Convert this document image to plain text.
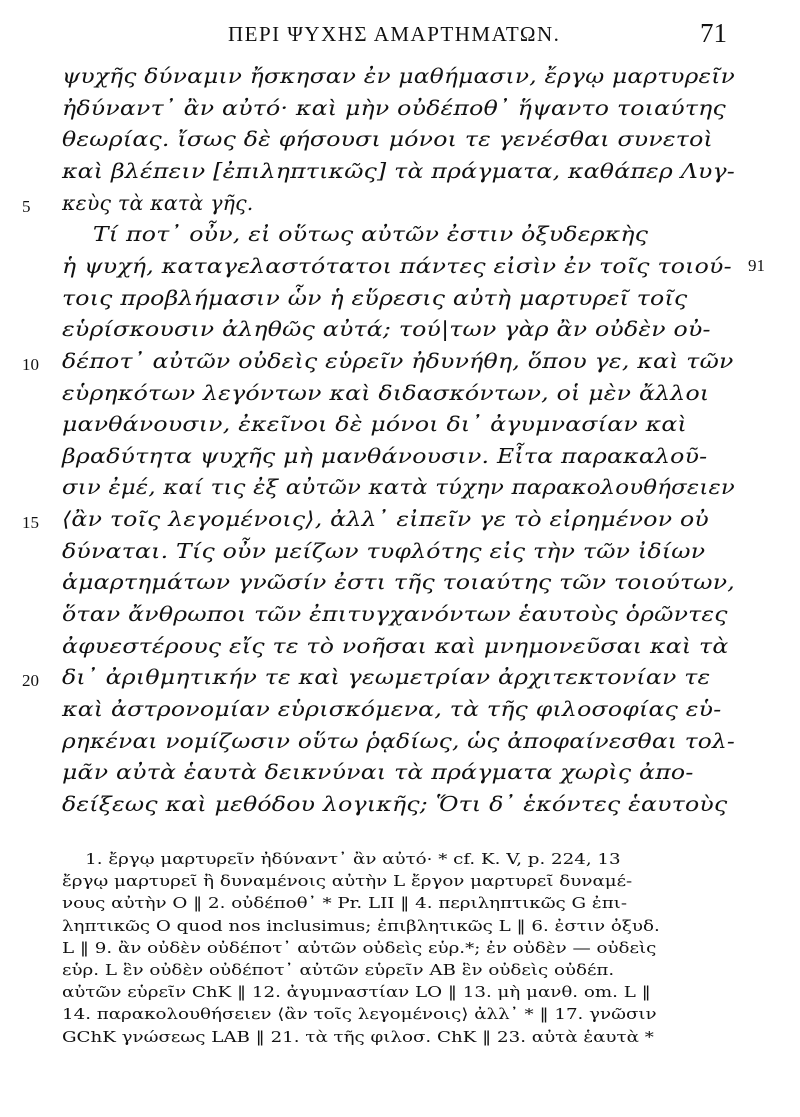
ΠΕΡΙ ΨΥΧΗΣ ΑΜΑΡΤΗΜΑΤΩΝ.	71
ψυχῆς δύναμιν ἤσκησαν ἐν μαθήμασιν, ἔργῳ μαρτυρεῖν
ἠδύναντ᾽ ἂν αὐτό· καὶ μὴν οὐδέποθ᾽ ἥψαντο τοιαύτης
θεωρίας. ἴσως δὲ φήσουσι μόνοι τε γενέσθαι συνετοὶ
καὶ βλέπειν [ἐπιληπτικῶς] τὰ πράγματα, καθάπερ Λυγ-
5 κεὺς τὰ κατὰ γῆς.
Τί ποτ᾽ οὖν, εἰ οὕτως αὐτῶν ἐστιν ὀξυδερκὴς
ἡ ψυχή, καταγελαστότατοι πάντες εἰσὶν ἐν τοῖς τοιού-
τοις προβλήμασιν ὧν ἡ εὕρεσις αὐτὴ μαρτυρεῖ τοῖς
εὑρίσκουσιν ἀληθῶς αὐτά; τού|των γὰρ ἂν οὐδὲν οὐ-
10 δέποτ᾽ αὐτῶν οὐδεὶς εὑρεῖν ἠδυνήθη, ὅπου γε, καὶ τῶν
εὑρηκότων λεγόντων καὶ διδασκόντων, οἱ μὲν ἄλλοι
μανθάνουσιν, ἐκεῖνοι δὲ μόνοι δι᾽ ἀγυμνασίαν καὶ
βραδύτητα ψυχῆς μὴ μανθάνουσιν. Εἶτα παρακαλοῦ-
σιν ἐμέ, καί τις ἐξ αὐτῶν κατὰ τύχην παρακολουθήσειεν
15 ⟨ἂν τοῖς λεγομένοις⟩, ἀλλ᾽ εἰπεῖν γε τὸ εἰρημένον οὐ
δύναται. Τίς οὖν μείζων τυφλότης εἰς τὴν τῶν ἰδίων
ἁμαρτημάτων γνῶσίν ἐστι τῆς τοιαύτης τῶν τοιούτων,
ὅταν ἄνθρωποι τῶν ἐπιτυγχανόντων ἑαυτοὺς ὁρῶντες
ἀφυεστέρους εἴς τε τὸ νοῆσαι καὶ μνημονεῦσαι καὶ τὰ
20 δι᾽ ἀριθμητικήν τε καὶ γεωμετρίαν ἀρχιτεκτονίαν τε
καὶ ἀστρονομίαν εὑρισκόμενα, τὰ τῆς φιλοσοφίας εὑ-
ρηκέναι νομίζωσιν οὕτω ῥᾳδίως, ὡς ἀποφαίνεσθαι τολ-
μᾶν αὐτὰ ἑαυτὰ δεικνύναι τὰ πράγματα χωρὶς ἀπο-
δείξεως καὶ μεθόδου λογικῆς; Ὅτι δ᾽ ἑκόντες ἑαυτοὺς
91
1. ἔργῳ μαρτυρεῖν ἠδύναντ᾽ ἂν αὐτό· * cf. K. V, p. 224, 13
ἔργῳ μαρτυρεῖ ἢ δυναμένοις αὐτὴν L ἔργον μαρτυρεῖ δυναμέ-
νους αὐτὴν O ‖ 2. οὐδέποθ᾽ * Pr. LII ‖ 4. περιληπτικῶς G ἐπι-
ληπτικῶς O quod nos inclusimus; ἐπιβλητικῶς L ‖ 6. ἐστιν ὀξυδ.
L ‖ 9. ἂν οὐδὲν οὐδέποτ᾽ αὐτῶν οὐδεὶς εὑρ.*; ἐν οὐδὲν — οὐδεὶς
εὑρ. L ἓν οὐδὲν οὐδέποτ᾽ αὐτῶν εὑρεῖν AB ἓν οὐδεὶς οὐδέπ.
αὐτῶν εὑρεῖν ChK ‖ 12. ἀγυμναστίαν LO ‖ 13. μὴ μανθ. om. L ‖
14. παρακολουθήσειεν ⟨ἂν τοῖς λεγομένοις⟩ ἀλλ᾽ * ‖ 17. γνῶσιν
GChK γνώσεως LAB ‖ 21. τὰ τῆς φιλοσ. ChK ‖ 23. αὐτὰ ἑαυτὰ *
